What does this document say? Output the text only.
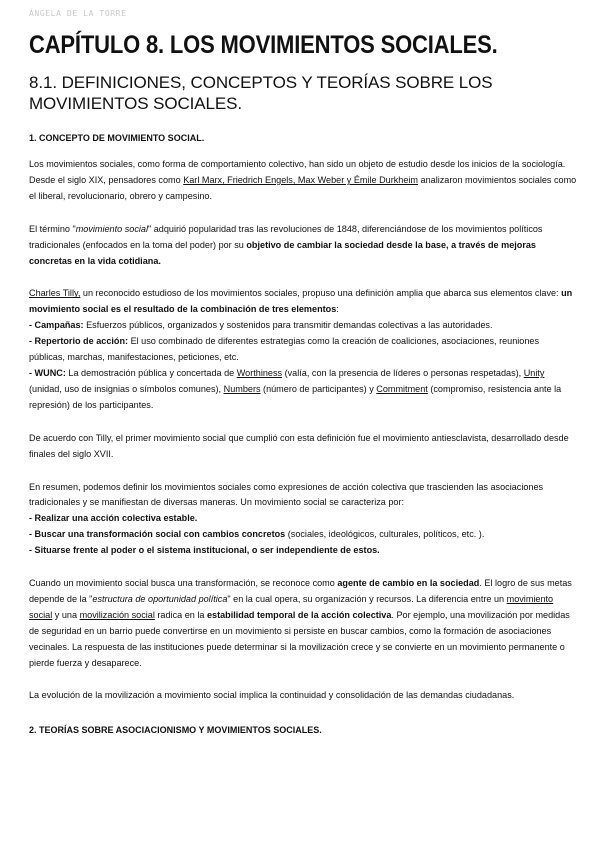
ÁNGELA DE LA TORRE
CAPÍTULO 8. LOS MOVIMIENTOS SOCIALES.
8.1. DEFINICIONES, CONCEPTOS Y TEORÍAS SOBRE LOS MOVIMIENTOS SOCIALES.
1. CONCEPTO DE MOVIMIENTO SOCIAL.

Los movimientos sociales, como forma de comportamiento colectivo, han sido un objeto de estudio desde los inicios de la sociología. Desde el siglo XIX, pensadores como Karl Marx, Friedrich Engels, Max Weber y Émile Durkheim analizaron movimientos sociales como el liberal, revolucionario, obrero y campesino.

El término "movimiento social" adquirió popularidad tras las revoluciones de 1848, diferenciándose de los movimientos políticos tradicionales (enfocados en la toma del poder) por su objetivo de cambiar la sociedad desde la base, a través de mejoras concretas en la vida cotidiana.

Charles Tilly, un reconocido estudioso de los movimientos sociales, propuso una definición amplia que abarca sus elementos clave: un movimiento social es el resultado de la combinación de tres elementos:
- Campañas: Esfuerzos públicos, organizados y sostenidos para transmitir demandas colectivas a las autoridades.
- Repertorio de acción: El uso combinado de diferentes estrategias como la creación de coaliciones, asociaciones, reuniones públicas, marchas, manifestaciones, peticiones, etc.
- WUNC: La demostración pública y concertada de Worthiness (valía, con la presencia de líderes o personas respetadas), Unity (unidad, uso de insignias o símbolos comunes), Numbers (número de participantes) y Commitment (compromiso, resistencia ante la represión) de los participantes.

De acuerdo con Tilly, el primer movimiento social que cumplió con esta definición fue el movimiento antiesclavista, desarrollado desde finales del siglo XVII.

En resumen, podemos definir los movimientos sociales como expresiones de acción colectiva que trascienden las asociaciones tradicionales y se manifiestan de diversas maneras. Un movimiento social se caracteriza por:
- Realizar una acción colectiva estable.
- Buscar una transformación social con cambios concretos (sociales, ideológicos, culturales, políticos, etc. ).
- Situarse frente al poder o el sistema institucional, o ser independiente de estos.

Cuando un movimiento social busca una transformación, se reconoce como agente de cambio en la sociedad. El logro de sus metas depende de la "estructura de oportunidad política" en la cual opera, su organización y recursos. La diferencia entre un movimiento social y una movilización social radica en la estabilidad temporal de la acción colectiva. Por ejemplo, una movilización por medidas de seguridad en un barrio puede convertirse en un movimiento si persiste en buscar cambios, como la formación de asociaciones vecinales. La respuesta de las instituciones puede determinar si la movilización crece y se convierte en un movimiento permanente o pierde fuerza y desaparece.

La evolución de la movilización a movimiento social implica la continuidad y consolidación de las demandas ciudadanas.

2. TEORÍAS SOBRE ASOCIACIONISMO Y MOVIMIENTOS SOCIALES.
